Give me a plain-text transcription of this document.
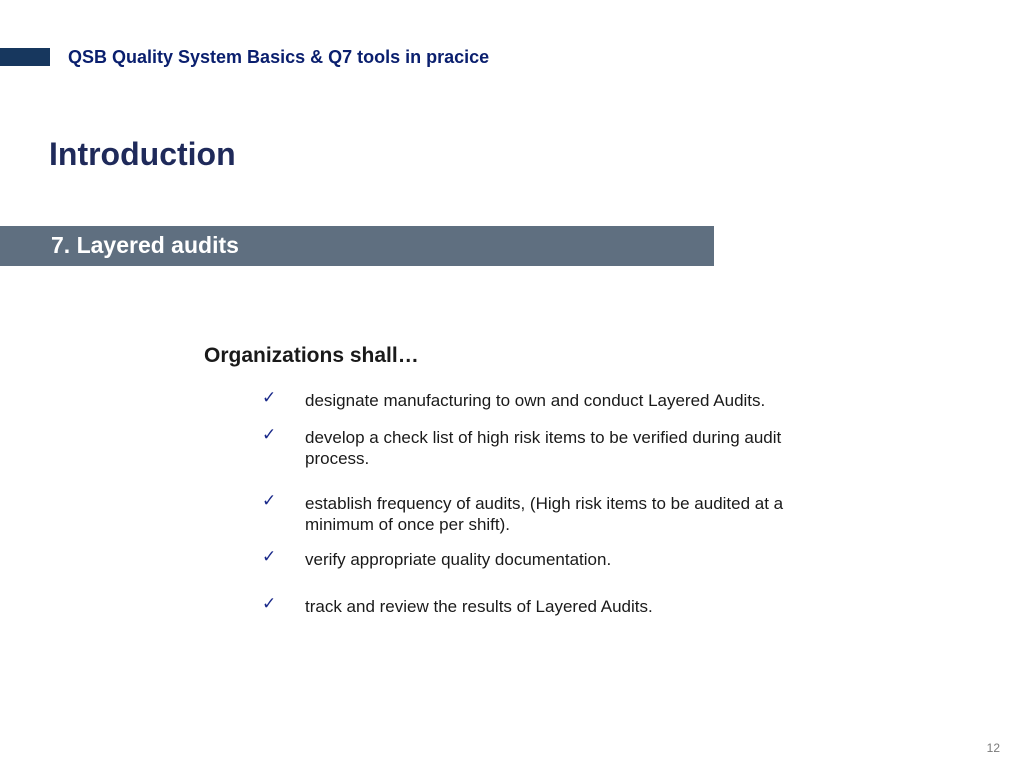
QSB Quality System Basics & Q7 tools in pracice
Introduction
7. Layered audits
Organizations shall…
✓ designate manufacturing to own and conduct Layered Audits.
✓ develop a check list of high risk items to be verified during audit process.
✓ establish frequency of audits, (High risk items to be audited at a minimum of once per shift).
✓ verify appropriate quality documentation.
✓ track and review the results of Layered Audits.
12
